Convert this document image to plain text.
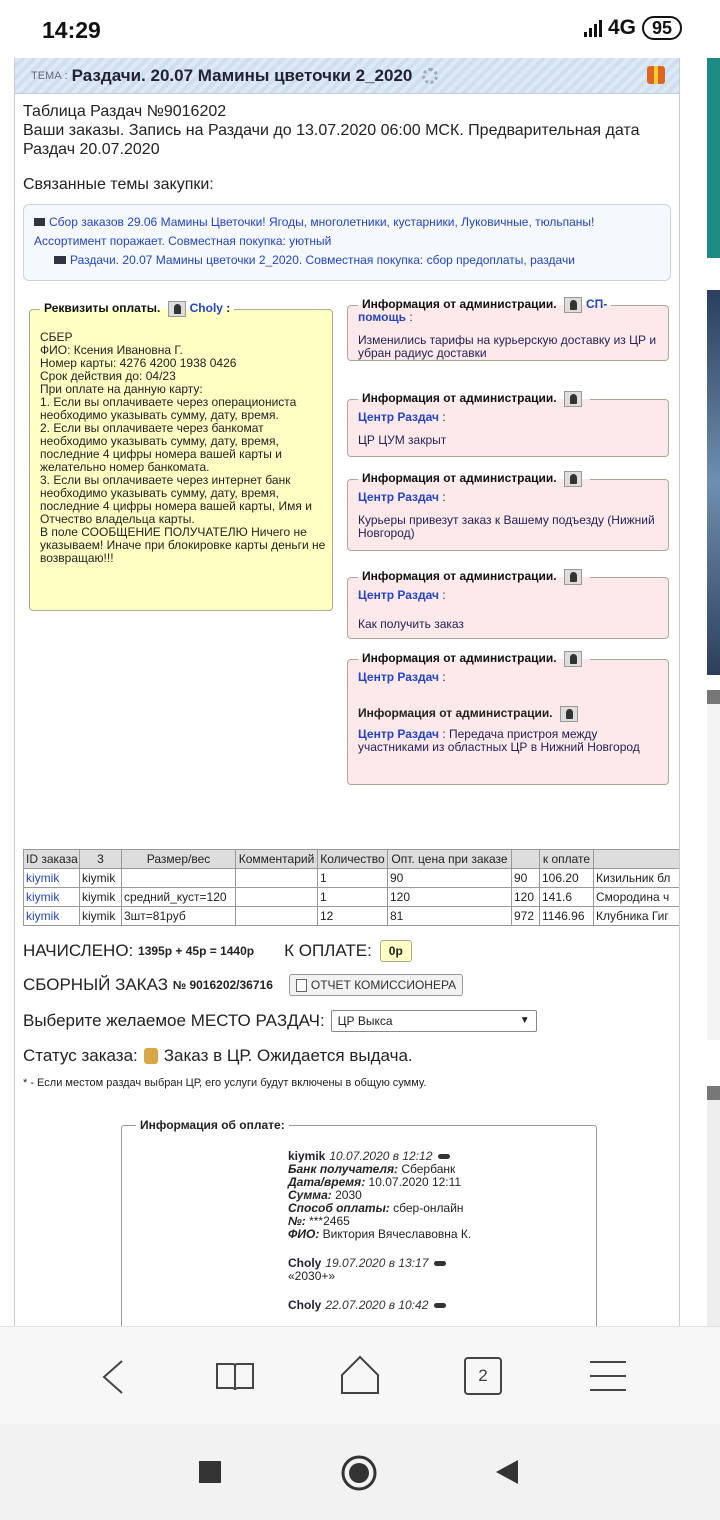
14:29	4G 95
ТЕМА : Раздачи. 20.07 Мамины цветочки 2_2020
Таблица Раздач №9016202
Ваши заказы. Запись на Раздачи до 13.07.2020 06:00 МСК. Предварительная дата
Раздач 20.07.2020
Связанные темы закупки:
Сбор заказов 29.06 Мамины Цветочки! Ягоды, многолетники, кустарники, Луковичные, тюльпаны!
Ассортимент поражает. Совместная покупка: уютный
Раздачи. 20.07 Мамины цветочки 2_2020. Совместная покупка: сбор предоплаты, раздачи
Реквизиты оплаты. Choly :
СБЕР
ФИО: Ксения Ивановна Г.
Номер карты: 4276 4200 1938 0426
Срок действия до: 04/23
При оплате на данную карту:
1. Если вы оплачиваете через операциониста необходимо указывать сумму, дату, время.
2. Если вы оплачиваете через банкомат необходимо указывать сумму, дату, время, последние 4 цифры номера вашей карты и желательно номер банкомата.
3. Если вы оплачиваете через интернет банк необходимо указывать сумму, дату, время, последние 4 цифры номера вашей карты, Имя и Отчество владельца карты.
В поле СООБЩЕНИЕ ПОЛУЧАТЕЛЮ Ничего не указываем! Иначе при блокировке карты деньги не возвращаю!!!
Информация от администрации. СП-
помощь :
Изменились тарифы на курьерскую доставку из ЦР и убран радиус доставки
Информация от администрации.
Центр Раздач :
ЦР ЦУМ закрыт
Информация от администрации.
Центр Раздач :
Курьеры привезут заказ к Вашему подъезду (Нижний Новгород)
Информация от администрации.
Центр Раздач :
Как получить заказ
Информация от администрации.
Центр Раздач :
Информация от администрации.
Центр Раздач : Передача пристроя между участниками из областных ЦР в Нижний Новгород
ID заказа	3	Размер/вес	Комментарий	Количество	Опт. цена при заказе		к оплате	
kiymik	kiymik			1	90	90	106.20	Кизильник бл
kiymik	kiymik	средний_куст=120		1	120	120	141.6	Смородина ч
kiymik	kiymik	3шт=81руб		12	81	972	1146.96	Клубника Гиг
НАЧИСЛЕНО:
1395р + 45р = 1440р К ОПЛАТЕ:	0р
СБОРНЫЙ ЗАКАЗ
№ 9016202/36716	ОТЧЕТ КОМИССИОНЕРА
Выберите желаемое МЕСТО РАЗДАЧ:	ЦР Выкса	▼
Статус заказа: Заказ в ЦР. Ожидается выдача.
* - Если местом раздач выбран ЦР, его услуги будут включены в общую сумму.
Информация об оплате:
kiymik 10.07.2020 в 12:12
Банк получателя: Сбербанк
Дата/время: 10.07.2020 12:11
Сумма: 2030
Способ оплаты: сбер-онлайн
№: ***2465
ФИО: Виктория Вячеславовна К.
Choly 19.07.2020 в 13:17
«2030+»
Choly 22.07.2020 в 10:42
2
